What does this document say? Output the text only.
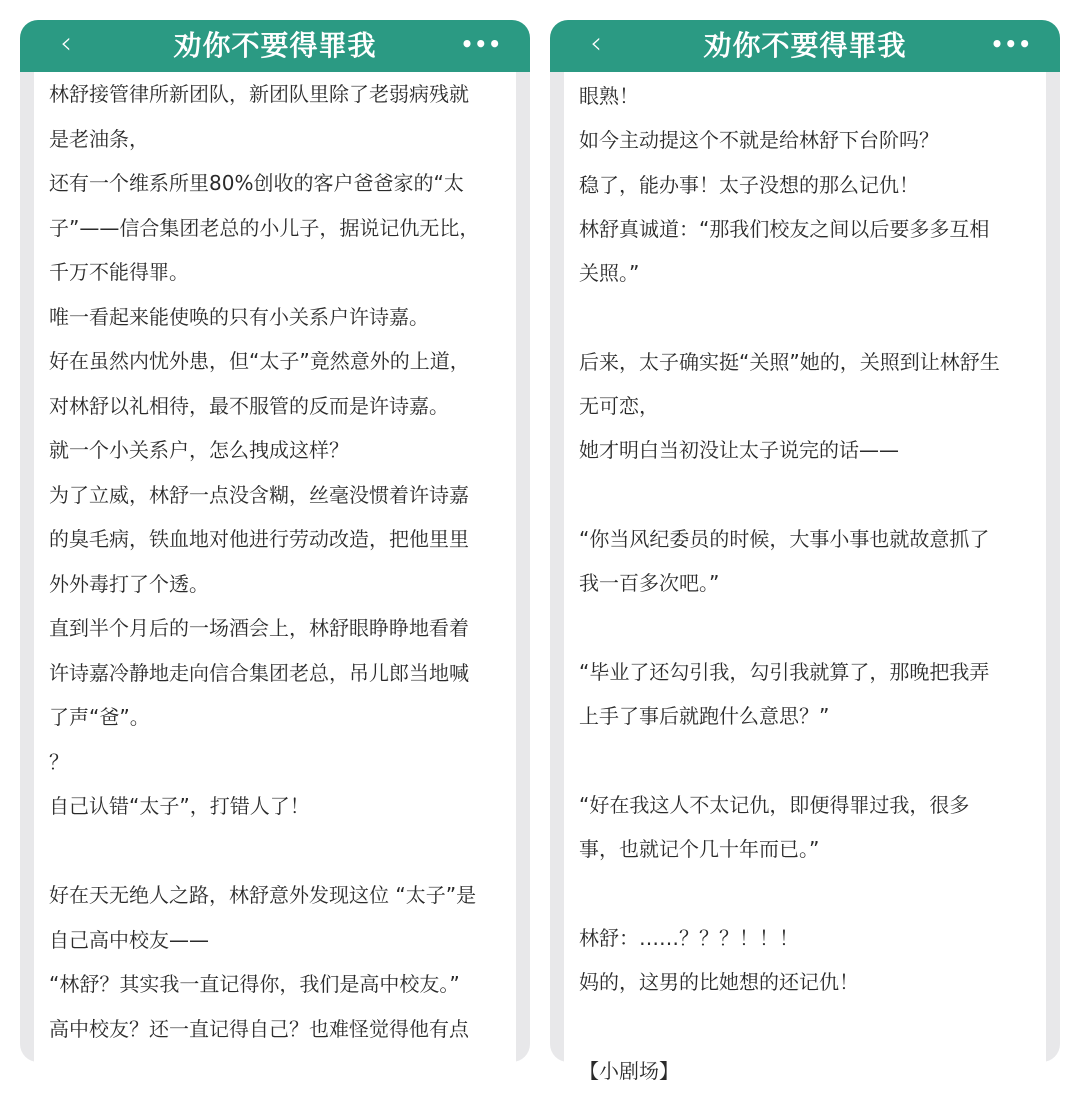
‹	劝你不要得罪我	•••
林舒接管律所新团队，新团队里除了老弱病残就
是老油条，
还有一个维系所里80%创收的客户爸爸家的“太
子”——信合集团老总的小儿子，据说记仇无比，
千万不能得罪。
唯一看起来能使唤的只有小关系户许诗嘉。
好在虽然内忧外患，但“太子”竟然意外的上道，
对林舒以礼相待，最不服管的反而是许诗嘉。
就一个小关系户，怎么拽成这样？
为了立威，林舒一点没含糊，丝毫没惯着许诗嘉
的臭毛病，铁血地对他进行劳动改造，把他里里
外外毒打了个透。
直到半个月后的一场酒会上，林舒眼睁睁地看着
许诗嘉冷静地走向信合集团老总，吊儿郎当地喊
了声“爸”。
？
自己认错“太子”，打错人了！
好在天无绝人之路，林舒意外发现这位 “太子”是
自己高中校友——
“林舒？其实我一直记得你，我们是高中校友。”
高中校友？还一直记得自己？也难怪觉得他有点
‹	劝你不要得罪我	•••
眼熟！
如今主动提这个不就是给林舒下台阶吗？
稳了，能办事！太子没想的那么记仇！
林舒真诚道：“那我们校友之间以后要多多互相
关照。”
后来，太子确实挺“关照”她的，关照到让林舒生
无可恋，
她才明白当初没让太子说完的话——
“你当风纪委员的时候，大事小事也就故意抓了
我一百多次吧。”
“毕业了还勾引我，勾引我就算了，那晚把我弄
上手了事后就跑什么意思？”
“好在我这人不太记仇，即便得罪过我，很多
事，也就记个几十年而已。”
林舒：……？？？！！！
妈的，这男的比她想的还记仇！
【小剧场】
